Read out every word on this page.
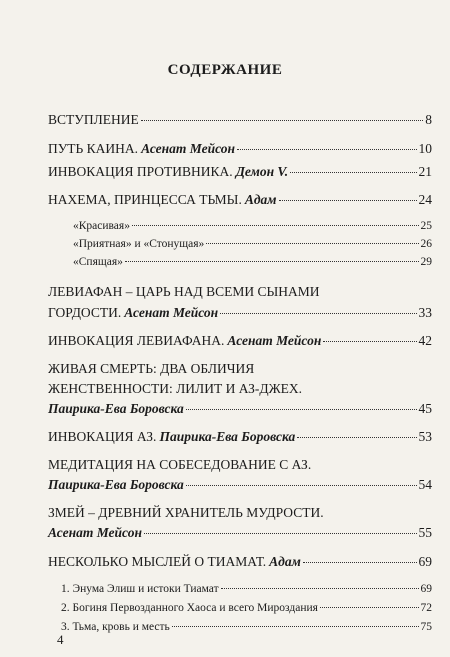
СОДЕРЖАНИЕ
ВСТУПЛЕНИЕ	8
ПУТЬ КАИНА. Асенат Мейсон	10
ИНВОКАЦИЯ ПРОТИВНИКА. Демон V.	21
НАХЕМА, ПРИНЦЕССА ТЬМЫ. Адам	24
«Красивая»	25
«Приятная» и «Стонущая»	26
«Спящая»	29
ЛЕВИАФАН – ЦАРЬ НАД ВСЕМИ СЫНАМИ
ГОРДОСТИ. Асенат Мейсон	33
ИНВОКАЦИЯ ЛЕВИАФАНА. Асенат Мейсон	42
ЖИВАЯ СМЕРТЬ: ДВА ОБЛИЧИЯ
ЖЕНСТВЕННОСТИ: ЛИЛИТ И АЗ-ДЖЕХ.
Паирика-Ева Боровска	45
ИНВОКАЦИЯ АЗ. Паирика-Ева Боровска	53
МЕДИТАЦИЯ НА СОБЕСЕДОВАНИЕ С АЗ.
Паирика-Ева Боровска	54
ЗМЕЙ – ДРЕВНИЙ ХРАНИТЕЛЬ МУДРОСТИ.
Асенат Мейсон	55
НЕСКОЛЬКО МЫСЛЕЙ О ТИАМАТ. Адам	69
1. Энума Элиш и истоки Тиамат	69
2. Богиня Первозданного Хаоса и всего Мироздания	72
3. Тьма, кровь и месть	75
4
